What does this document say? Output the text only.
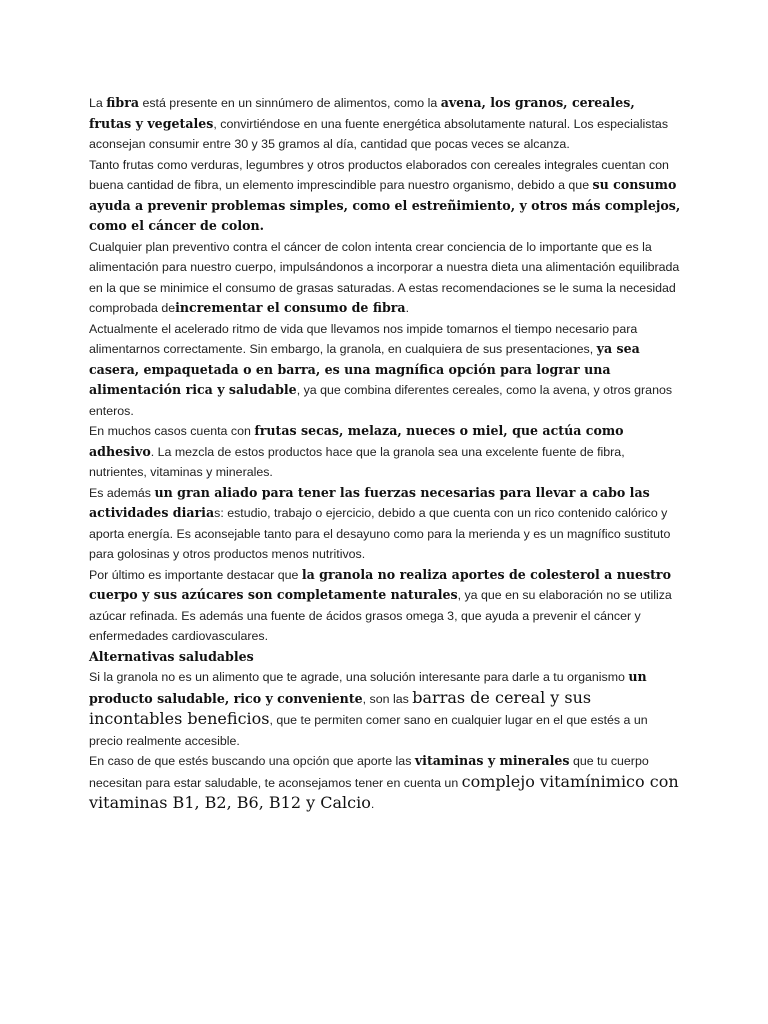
La fibra está presente en un sinnúmero de alimentos, como la avena, los granos, cereales, frutas y vegetales, convirtiéndose en una fuente energética absolutamente natural. Los especialistas aconsejan consumir entre 30 y 35 gramos al día, cantidad que pocas veces se alcanza.

Tanto frutas como verduras, legumbres y otros productos elaborados con cereales integrales cuentan con buena cantidad de fibra, un elemento imprescindible para nuestro organismo, debido a que su consumo ayuda a prevenir problemas simples, como el estreñimiento, y otros más complejos, como el cáncer de colon.

Cualquier plan preventivo contra el cáncer de colon intenta crear conciencia de lo importante que es la alimentación para nuestro cuerpo, impulsándonos a incorporar a nuestra dieta una alimentación equilibrada en la que se minimice el consumo de grasas saturadas. A estas recomendaciones se le suma la necesidad comprobada deincrementar el consumo de fibra.

Actualmente el acelerado ritmo de vida que llevamos nos impide tomarnos el tiempo necesario para alimentarnos correctamente. Sin embargo, la granola, en cualquiera de sus presentaciones, ya sea casera, empaquetada o en barra, es una magnífica opción para lograr una alimentación rica y saludable, ya que combina diferentes cereales, como la avena, y otros granos enteros.

En muchos casos cuenta con frutas secas, melaza, nueces o miel, que actúa como adhesivo. La mezcla de estos productos hace que la granola sea una excelente fuente de fibra, nutrientes, vitaminas y minerales.

Es además un gran aliado para tener las fuerzas necesarias para llevar a cabo las actividades diarias: estudio, trabajo o ejercicio, debido a que cuenta con un rico contenido calórico y aporta energía. Es aconsejable tanto para el desayuno como para la merienda y es un magnífico sustituto para golosinas y otros productos menos nutritivos.

Por último es importante destacar que la granola no realiza aportes de colesterol a nuestro cuerpo y sus azúcares son completamente naturales, ya que en su elaboración no se utiliza azúcar refinada. Es además una fuente de ácidos grasos omega 3, que ayuda a prevenir el cáncer y enfermedades cardiovasculares.

Alternativas saludables

Si la granola no es un alimento que te agrade, una solución interesante para darle a tu organismo un producto saludable, rico y conveniente, son las barras de cereal y sus incontables beneficios, que te permiten comer sano en cualquier lugar en el que estés a un precio realmente accesible.

En caso de que estés buscando una opción que aporte las vitaminas y minerales que tu cuerpo necesitan para estar saludable, te aconsejamos tener en cuenta un complejo vitamínimico con vitaminas B1, B2, B6, B12 y Calcio.
